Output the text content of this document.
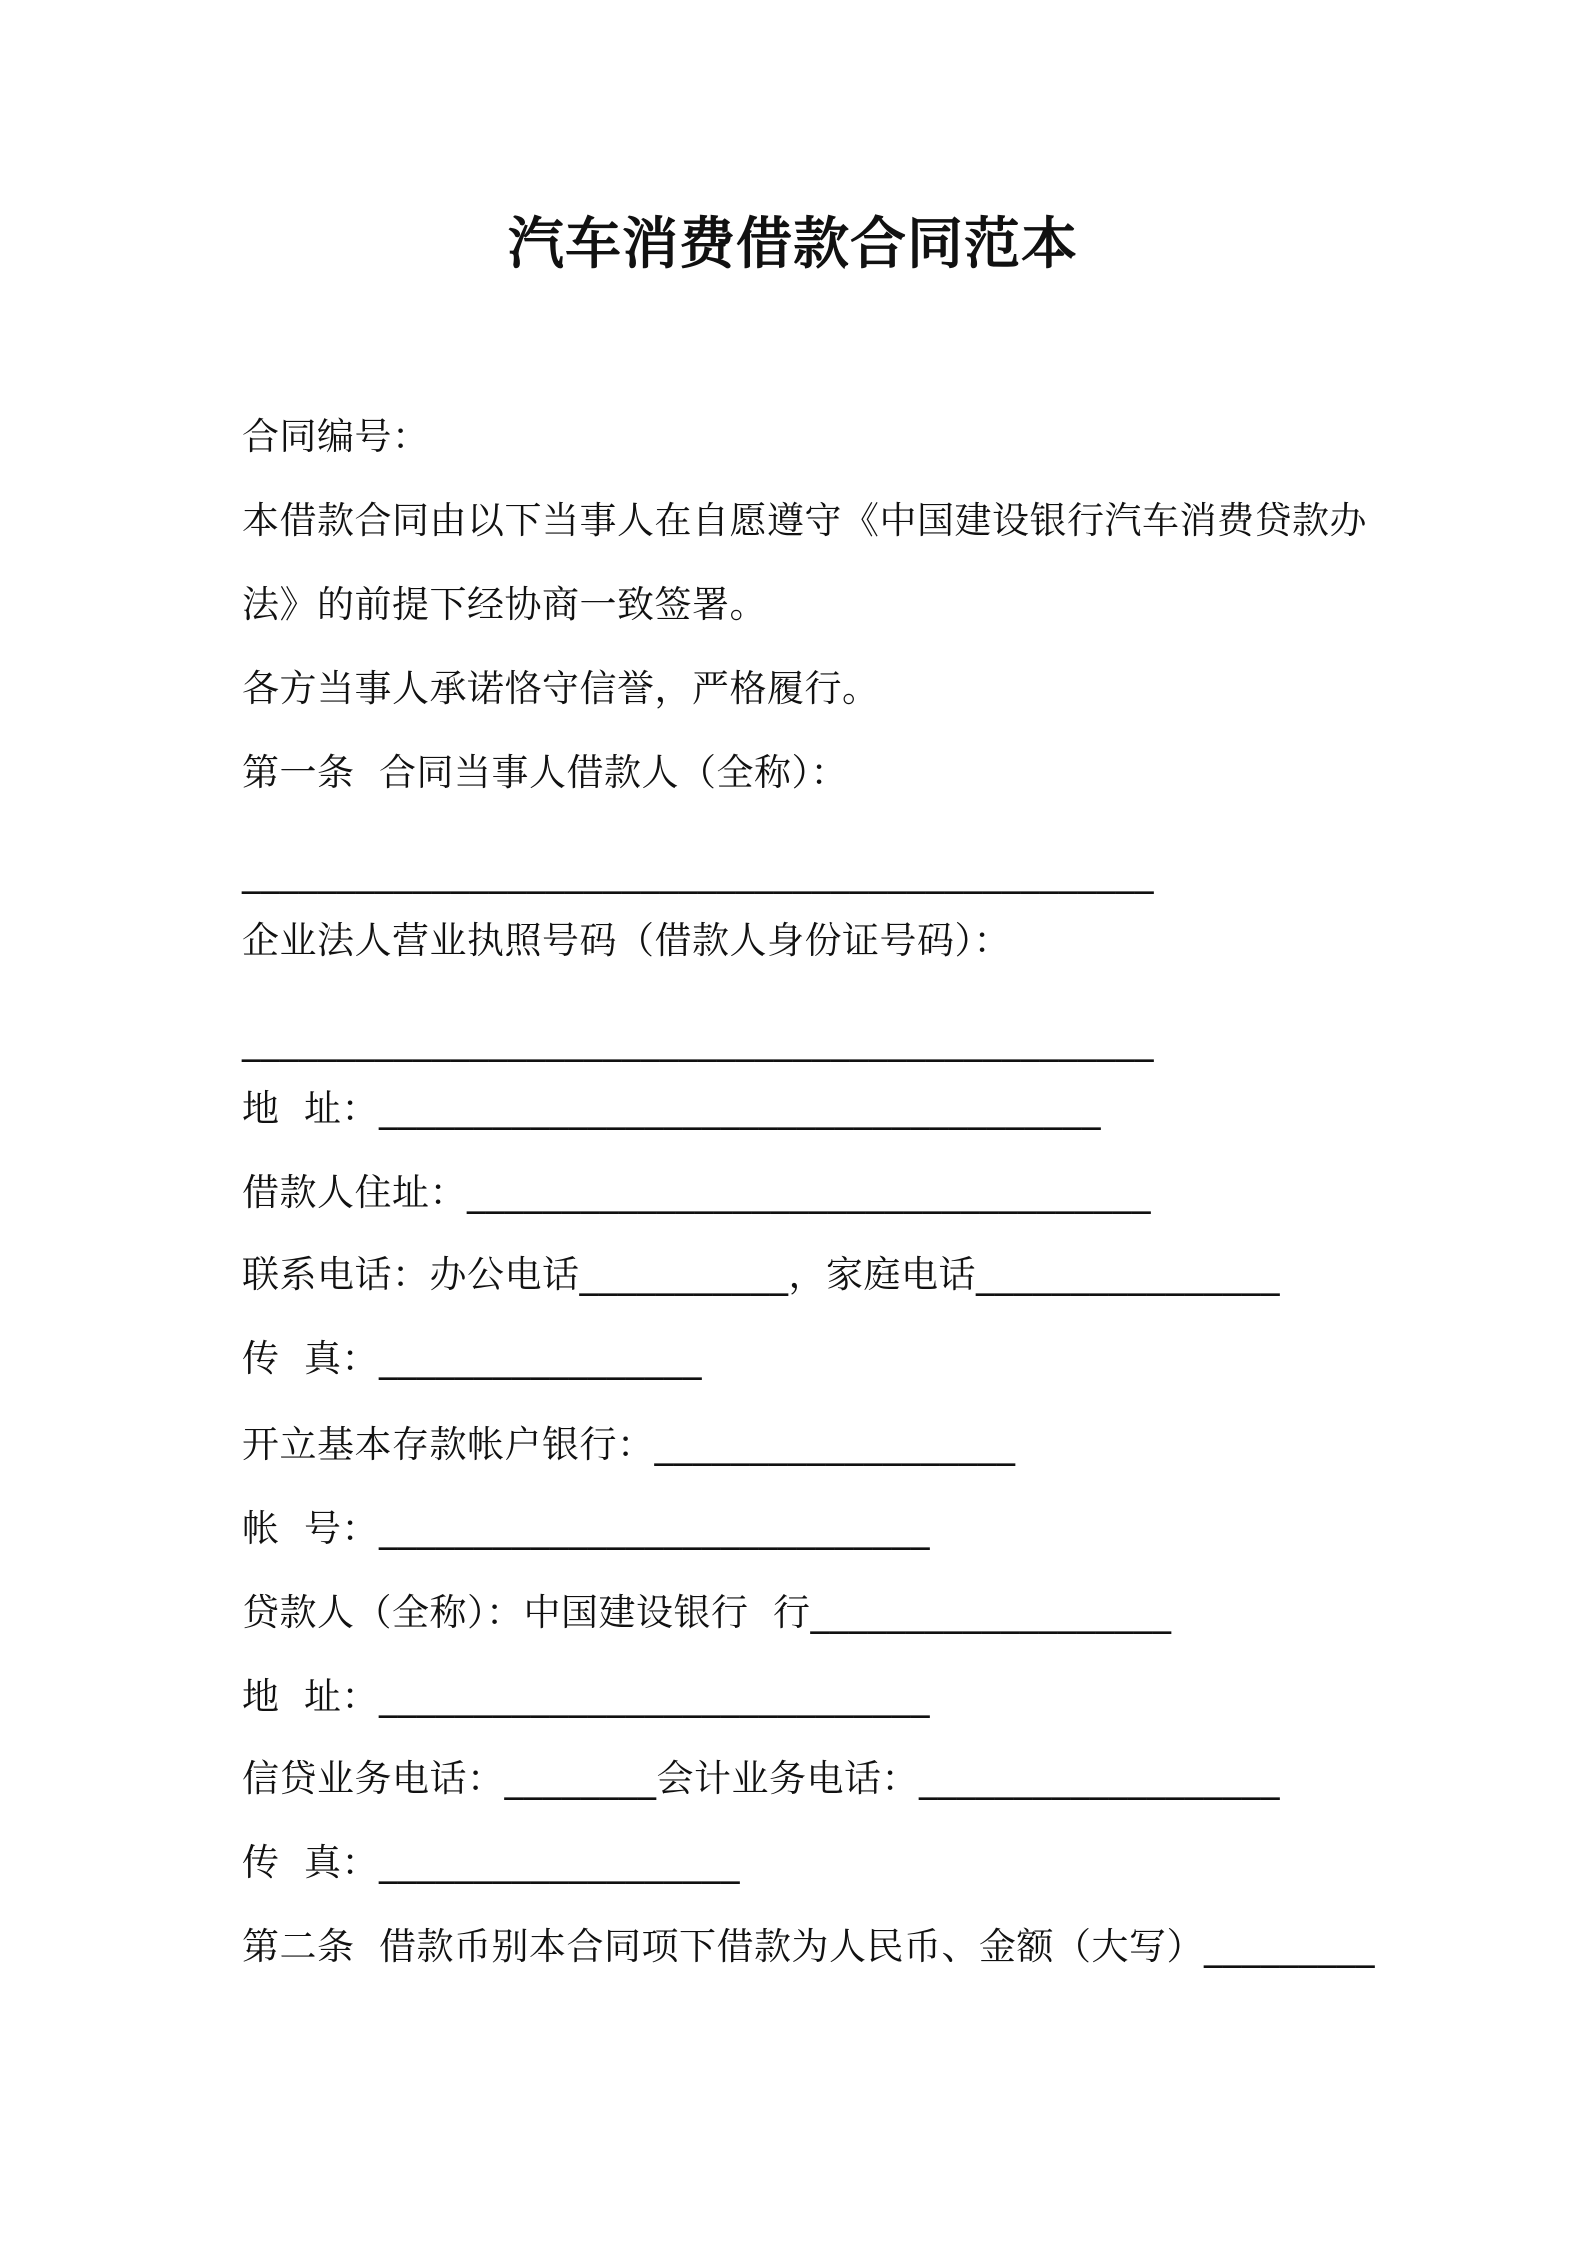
汽车消费借款合同范本
合同编号：
本借款合同由以下当事人在自愿遵守《中国建设银行汽车消费贷款办
法》的前提下经协商一致签署。
各方当事人承诺恪守信誉，严格履行。
第一条  合同当事人借款人（全称）：
________________________________________________
企业法人营业执照号码（借款人身份证号码）：
________________________________________________
地  址：______________________________________
借款人住址：____________________________________
联系电话：办公电话___________，家庭电话________________
传  真：_________________
开立基本存款帐户银行：___________________
帐  号：_____________________________
贷款人（全称）：中国建设银行  行___________________
地  址：_____________________________
信贷业务电话：________会计业务电话：___________________
传  真：___________________
第二条  借款币别本合同项下借款为人民币、金额（大写）_________
